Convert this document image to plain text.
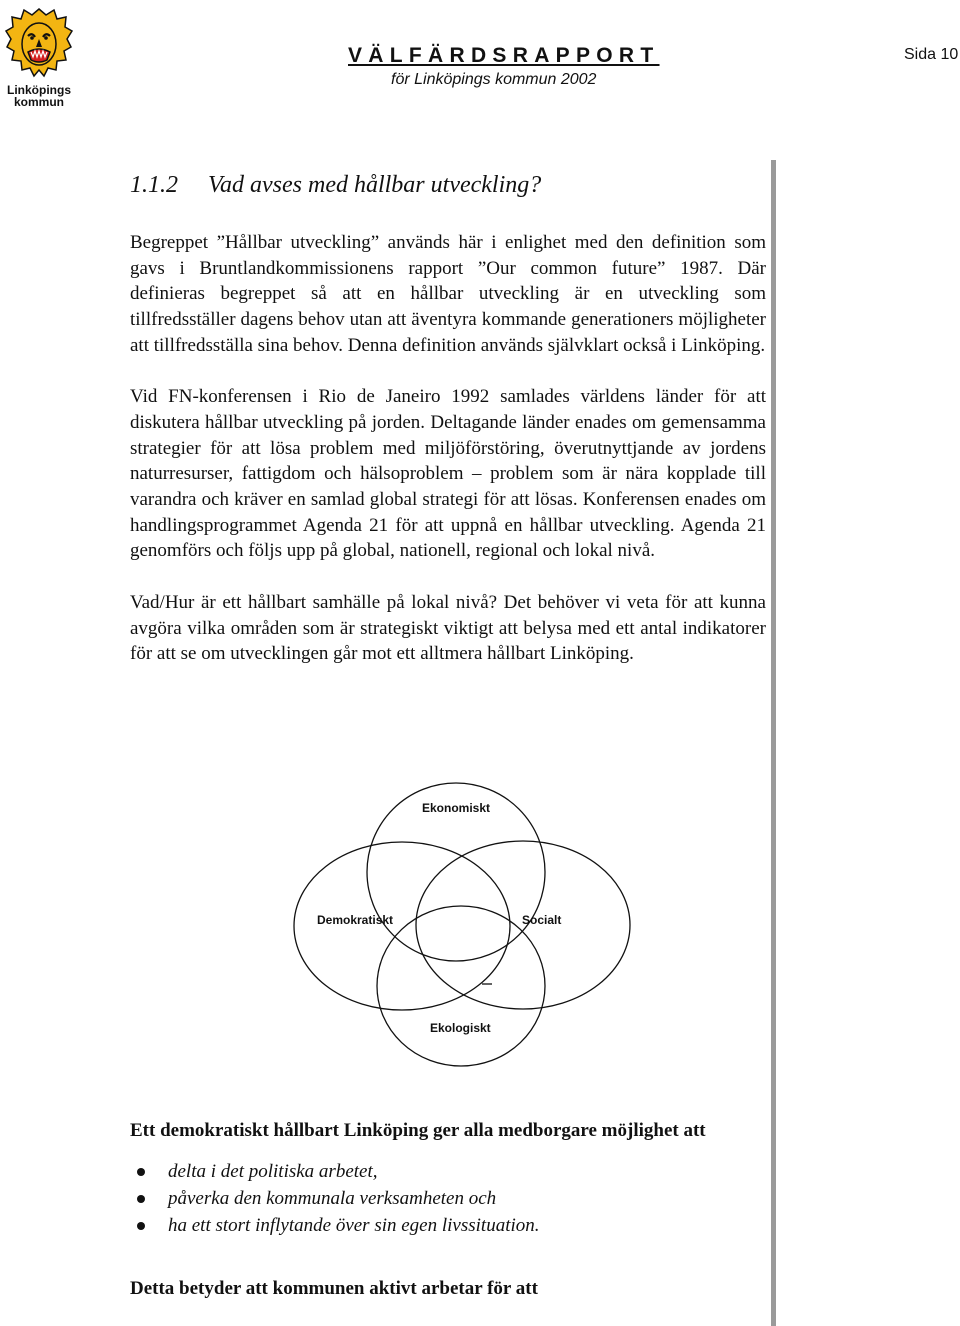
Linköpings
kommun
VÄLFÄRDSRAPPORT
för Linköpings kommun 2002
Sida 10
1.1.2 Vad avses med hållbar utveckling?

Begreppet ”Hållbar utveckling” används här i enlighet med den definition som gavs i Bruntlandkommissionens rapport ”Our common future” 1987. Där definieras begreppet så att en hållbar utveckling är en utveckling som tillfredsställer dagens behov utan att äventyra kommande generationers möjligheter att tillfredsställa sina behov. Denna definition används självklart också i Linköping.

Vid FN-konferensen i Rio de Janeiro 1992 samlades världens länder för att diskutera hållbar utveckling på jorden. Deltagande länder enades om gemensamma strategier för att lösa problem med miljöförstöring, överutnyttjande av jordens naturresurser, fattigdom och hälsoproblem – problem som är nära kopplade till varandra och kräver en samlad global strategi för att lösas. Konferensen enades om handlingsprogrammet Agenda 21 för att uppnå en hållbar utveckling. Agenda 21 genomförs och följs upp på global, nationell, regional och lokal nivå.

Vad/Hur är ett hållbart samhälle på lokal nivå? Det behöver vi veta för att kunna avgöra vilka områden som är strategiskt viktigt att belysa med ett antal indikatorer för att se om utvecklingen går mot ett alltmera hållbart Linköping.

Ekonomiskt
Demokratiskt	Socialt
Ekologiskt
Ett demokratiskt hållbart Linköping ger alla medborgare möjlighet att
delta i det politiska arbetet,
påverka den kommunala verksamheten och
ha ett stort inflytande över sin egen livssituation.
Detta betyder att kommunen aktivt arbetar för att
